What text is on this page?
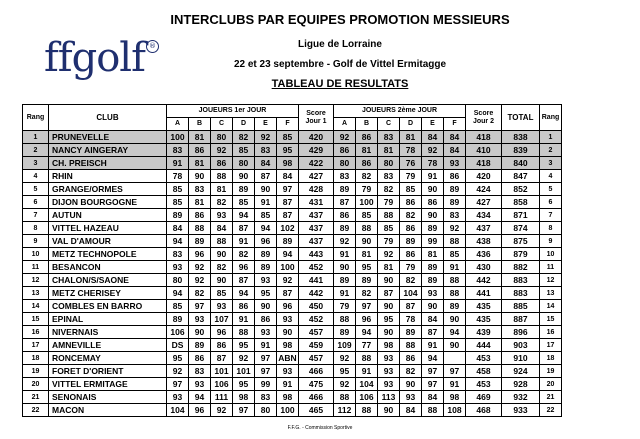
ffgolf ®
INTERCLUBS PAR EQUIPES PROMOTION MESSIEURS
Ligue de Lorraine
22 et 23 septembre - Golf de Vittel Ermitagge
TABLEAU DE RESULTATS
Rang	CLUB	JOUEURS 1er JOUR						Score Jour 1	JOUEURS 2ème JOUR						Score Jour 2	TOTAL	Rang
		A	B	C	D	E	F		A	B	C	D	E	F			
1	PRUNEVELLE	100	81	80	82	92	85	420	92	86	83	81	84	84	418	838	1
2	NANCY AINGERAY	83	86	92	85	83	95	429	86	81	81	78	92	84	410	839	2
3	CH. PREISCH	91	81	86	80	84	98	422	80	86	80	76	78	93	418	840	3
4	RHIN	78	90	88	90	87	84	427	83	82	83	79	91	86	420	847	4
5	GRANGE/ORMES	85	83	81	89	90	97	428	89	79	82	85	90	89	424	852	5
6	DIJON BOURGOGNE	85	81	82	85	91	87	431	87	100	79	86	86	89	427	858	6
7	AUTUN	89	86	93	94	85	87	437	86	85	88	82	90	83	434	871	7
8	VITTEL HAZEAU	84	88	84	87	94	102	437	89	88	85	86	89	92	437	874	8
9	VAL D'AMOUR	94	89	88	91	96	89	437	92	90	79	89	99	88	438	875	9
10	METZ TECHNOPOLE	83	96	90	82	89	94	443	91	81	92	86	81	85	436	879	10
11	BESANCON	93	92	82	96	89	100	452	90	95	81	79	89	91	430	882	11
12	CHALON/S/SAONE	80	92	90	87	93	92	441	89	89	90	82	89	88	442	883	12
13	METZ CHERISEY	94	82	85	94	95	87	442	91	82	87	104	93	88	441	883	13
14	COMBLES EN BARRO	85	97	93	86	90	96	450	79	97	90	87	90	89	435	885	14
15	EPINAL	89	93	107	91	86	93	452	88	96	95	78	84	90	435	887	15
16	NIVERNAIS	106	90	96	88	93	90	457	89	94	90	89	87	94	439	896	16
17	AMNEVILLE	DS	89	86	95	91	98	459	109	77	98	88	91	90	444	903	17
18	RONCEMAY	95	86	87	92	97	ABN	457	92	88	93	86	94		453	910	18
19	FORET D'ORIENT	92	83	101	101	97	93	466	95	91	93	82	97	97	458	924	19
20	VITTEL ERMITAGE	97	93	106	95	99	91	475	92	104	93	90	97	91	453	928	20
21	SENONAIS	93	94	111	98	83	98	466	88	106	113	93	84	98	469	932	21
22	MACON	104	96	92	97	80	100	465	112	88	90	84	88	108	468	933	22
F.F.G. - Commission Sportive
